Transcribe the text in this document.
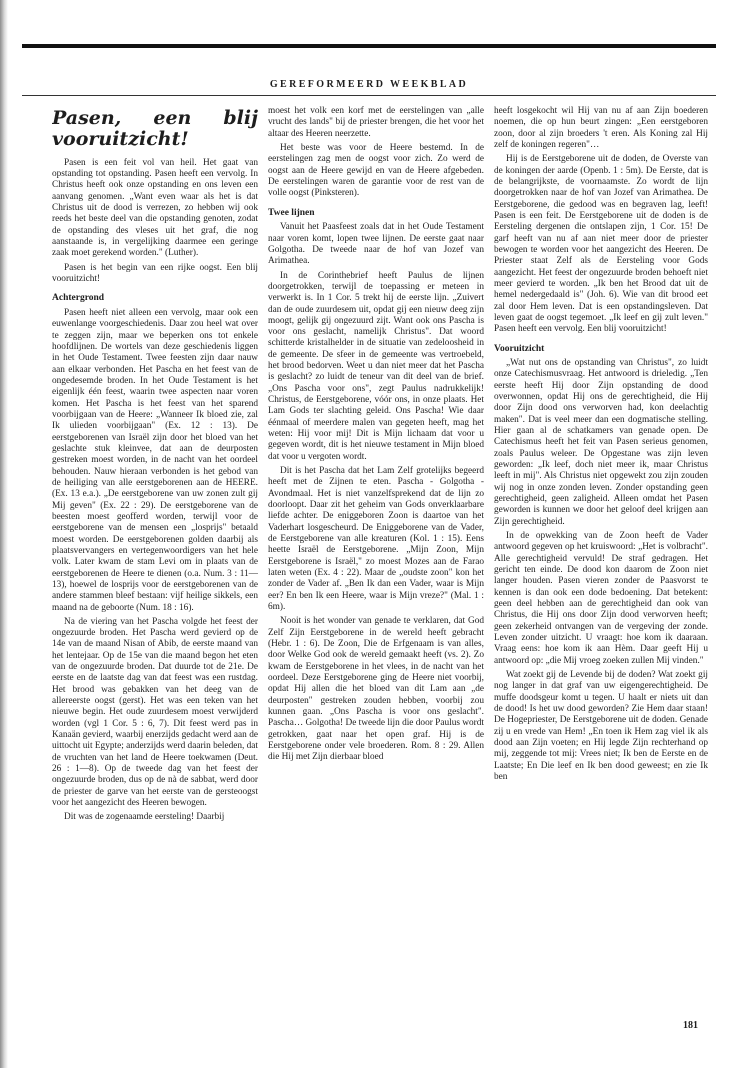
GEREFORMEERD WEEKBLAD
Pasen, een blij vooruitzicht!

Pasen is een feit vol van heil. Het gaat van opstanding tot opstanding. Pasen heeft een vervolg. In Christus heeft ook onze opstanding en ons leven een aanvang genomen. „Want even waar als het is dat Christus uit de dood is verrezen, zo hebben wij ook reeds het beste deel van die opstanding genoten, zodat de opstanding des vleses uit het graf, die nog aanstaande is, in vergelijking daarmee een geringe zaak moet gerekend worden." (Luther).

Pasen is het begin van een rijke oogst. Een blij vooruitzicht!

Achtergrond

Pasen heeft niet alleen een vervolg, maar ook een euwenlange voorgeschiedenis. Daar zou heel wat over te zeggen zijn, maar we beperken ons tot enkele hoofdlijnen. De wortels van deze geschiedenis liggen in het Oude Testament. Twee feesten zijn daar nauw aan elkaar verbonden. Het Pascha en het feest van de ongedesemde broden. In het Oude Testament is het eigenlijk één feest, waarin twee aspecten naar voren komen. Het Pascha is het feest van het sparend voorbijgaan van de Heere: „Wanneer Ik bloed zie, zal Ik ulieden voorbijgaan" (Ex. 12 : 13). De eerstgeborenen van Israël zijn door het bloed van het geslachte stuk kleinvee, dat aan de deurposten gestreken moest worden, in de nacht van het oordeel behouden. Nauw hieraan verbonden is het gebod van de heiliging van alle eerstgeborenen aan de HEERE. (Ex. 13 e.a.). „De eerstgeborene van uw zonen zult gij Mij geven" (Ex. 22 : 29). De eerstgeborene van de beesten moest geofferd worden, terwijl voor de eerstgeborene van de mensen een „losprijs" betaald moest worden. De eerstgeborenen golden daarbij als plaatsvervangers en vertegenwoordigers van het hele volk. Later kwam de stam Levi om in plaats van de eerstgeborenen de Heere te dienen (o.a. Num. 3 : 11—13), hoewel de losprijs voor de eerstgeborenen van de andere stammen bleef bestaan: vijf heilige sikkels, een maand na de geboorte (Num. 18 : 16).

Na de viering van het Pascha volgde het feest der ongezuurde broden. Het Pascha werd gevierd op de 14e van de maand Nisan of Abib, de eerste maand van het lentejaar. Op de 15e van die maand begon het eten van de ongezuurde broden. Dat duurde tot de 21e. De eerste en de laatste dag van dat feest was een rustdag. Het brood was gebakken van het deeg van de allereerste oogst (gerst). Het was een teken van het nieuwe begin. Het oude zuurdesem moest verwijderd worden (vgl 1 Cor. 5 : 6, 7). Dit feest werd pas in Kanaän gevierd, waarbij enerzijds gedacht werd aan de uittocht uit Egypte; anderzijds werd daarin beleden, dat de vruchten van het land de Heere toekwamen (Deut. 26 : 1—8). Op de tweede dag van het feest der ongezuurde broden, dus op de nà de sabbat, werd door de priester de garve van het eerste van de gersteoogst voor het aangezicht des Heeren bewogen.

Dit was de zogenaamde eersteling! Daarbij

moest het volk een korf met de eerstelingen van „alle vrucht des lands" bij de priester brengen, die het voor het altaar des Heeren neerzette.

Het beste was voor de Heere bestemd. In de eerstelingen zag men de oogst voor zich. Zo werd de oogst aan de Heere gewijd en van de Heere afgebeden. De eerstelingen waren de garantie voor de rest van de volle oogst (Pinksteren).

Twee lijnen

Vanuit het Paasfeest zoals dat in het Oude Testament naar voren komt, lopen twee lijnen. De eerste gaat naar Golgotha. De tweede naar de hof van Jozef van Arimathea.

In de Corinthebrief heeft Paulus de lijnen doorgetrokken, terwijl de toepassing er meteen in verwerkt is. In 1 Cor. 5 trekt hij de eerste lijn. „Zuivert dan de oude zuurdesem uit, opdat gij een nieuw deeg zijn moogt, gelijk gij ongezuurd zijt. Want ook ons Pascha is voor ons geslacht, namelijk Christus". Dat woord schitterde kristalhelder in de situatie van zedeloosheid in de gemeente. De sfeer in de gemeente was vertroebeld, het brood bedorven. Weet u dan niet meer dat het Pascha is geslacht? zo luidt de teneur van dit deel van de brief. „Ons Pascha voor ons", zegt Paulus nadrukkelijk! Christus, de Eerstgeborene, vóór ons, in onze plaats. Het Lam Gods ter slachting geleid. Ons Pascha! Wie daar éénmaal of meerdere malen van gegeten heeft, mag het weten: Hij voor mij! Dit is Mijn lichaam dat voor u gegeven wordt, dit is het nieuwe testament in Mijn bloed dat voor u vergoten wordt.

Dit is het Pascha dat het Lam Zelf grotelijks begeerd heeft met de Zijnen te eten. Pascha - Golgotha - Avondmaal. Het is niet vanzelfsprekend dat de lijn zo doorloopt. Daar zit het geheim van Gods onverklaarbare liefde achter. De eniggeboren Zoon is daartoe van het Vaderhart losgescheurd. De Eniggeborene van de Vader, de Eerstgeborene van alle kreaturen (Kol. 1 : 15). Eens heette Israël de Eerstgeborene. „Mijn Zoon, Mijn Eerstgeborene is Israël," zo moest Mozes aan de Farao laten weten (Ex. 4 : 22). Maar de „oudste zoon" kon het zonder de Vader af. „Ben Ik dan een Vader, waar is Mijn eer? En ben Ik een Heere, waar is Mijn vreze?" (Mal. 1 : 6m).

Nooit is het wonder van genade te verklaren, dat God Zelf Zijn Eerstgeborene in de wereld heeft gebracht (Hebr. 1 : 6). De Zoon, Die de Erfgenaam is van alles, door Welke God ook de wereld gemaakt heeft (vs. 2). Zo kwam de Eerstgeborene in het vlees, in de nacht van het oordeel. Deze Eerstgeborene ging de Heere niet voorbij, opdat Hij allen die het bloed van dit Lam aan „de deurposten" gestreken zouden hebben, voorbij zou kunnen gaan. „Ons Pascha is voor ons geslacht". Pascha… Golgotha! De tweede lijn die door Paulus wordt getrokken, gaat naar het open graf. Hij is de Eerstgeborene onder vele broederen. Rom. 8 : 29. Allen die Hij met Zijn dierbaar bloed

heeft losgekocht wil Hij van nu af aan Zijn boederen noemen, die op hun beurt zingen: „Een eerstgeboren zoon, door al zijn broeders 't eren. Als Koning zal Hij zelf de koningen regeren"…

Hij is de Eerstgeborene uit de doden, de Overste van de koningen der aarde (Openb. 1 : 5m). De Eerste, dat is de belangrijkste, de voornaamste. Zo wordt de lijn doorgetrokken naar de hof van Jozef van Arimathea. De Eerstgeborene, die gedood was en begraven lag, leeft! Pasen is een feit. De Eerstgeborene uit de doden is de Eersteling dergenen die ontslapen zijn, 1 Cor. 15! De garf heeft van nu af aan niet meer door de priester bewogen te worden voor het aangezicht des Heeren. De Priester staat Zelf als de Eersteling voor Gods aangezicht. Het feest der ongezuurde broden behoeft niet meer gevierd te worden. „Ik ben het Brood dat uit de hemel nedergedaald is" (Joh. 6). Wie van dit brood eet zal door Hem leven. Dat is een opstandingsleven. Dat leven gaat de oogst tegemoet. „Ik leef en gij zult leven." Pasen heeft een vervolg. Een blij vooruitzicht!

Vooruitzicht

„Wat nut ons de opstanding van Christus", zo luidt onze Catechismusvraag. Het antwoord is drieledig. „Ten eerste heeft Hij door Zijn opstanding de dood overwonnen, opdat Hij ons de gerechtigheid, die Hij door Zijn dood ons verworven had, kon deelachtig maken". Dat is veel meer dan een dogmatische stelling. Hier gaan al de schatkamers van genade open. De Catechismus heeft het feit van Pasen serieus genomen, zoals Paulus weleer. De Opgestane was zijn leven geworden: „Ik leef, doch niet meer ik, maar Christus leeft in mij". Als Christus niet opgewekt zou zijn zouden wij nog in onze zonden leven. Zonder opstanding geen gerechtigheid, geen zaligheid. Alleen omdat het Pasen geworden is kunnen we door het geloof deel krijgen aan Zijn gerechtigheid.

In de opwekking van de Zoon heeft de Vader antwoord gegeven op het kruiswoord: „Het is volbracht". Alle gerechtigheid vervuld! De straf gedragen. Het gericht ten einde. De dood kon daarom de Zoon niet langer houden. Pasen vieren zonder de Paasvorst te kennen is dan ook een dode bedoening. Dat betekent: geen deel hebben aan de gerechtigheid dan ook van Christus, die Hij ons door Zijn dood verworven heeft; geen zekerheid ontvangen van de vergeving der zonde. Leven zonder uitzicht. U vraagt: hoe kom ik daaraan. Vraag eens: hoe kom ik aan Hèm. Daar geeft Hij u antwoord op: „die Mij vroeg zoeken zullen Mij vinden."

Wat zoekt gij de Levende bij de doden? Wat zoekt gij nog langer in dat graf van uw eigengerechtigheid. De muffe doodsgeur komt u tegen. U haalt er niets uit dan de dood! Is het uw dood geworden? Zie Hem daar staan! De Hogepriester, De Eerstgeborene uit de doden. Genade zij u en vrede van Hem! „En toen ik Hem zag viel ik als dood aan Zijn voeten; en Hij legde Zijn rechterhand op mij, zeggende tot mij: Vrees niet; Ik ben de Eerste en de Laatste; En Die leef en Ik ben dood geweest; en zie Ik ben

181
